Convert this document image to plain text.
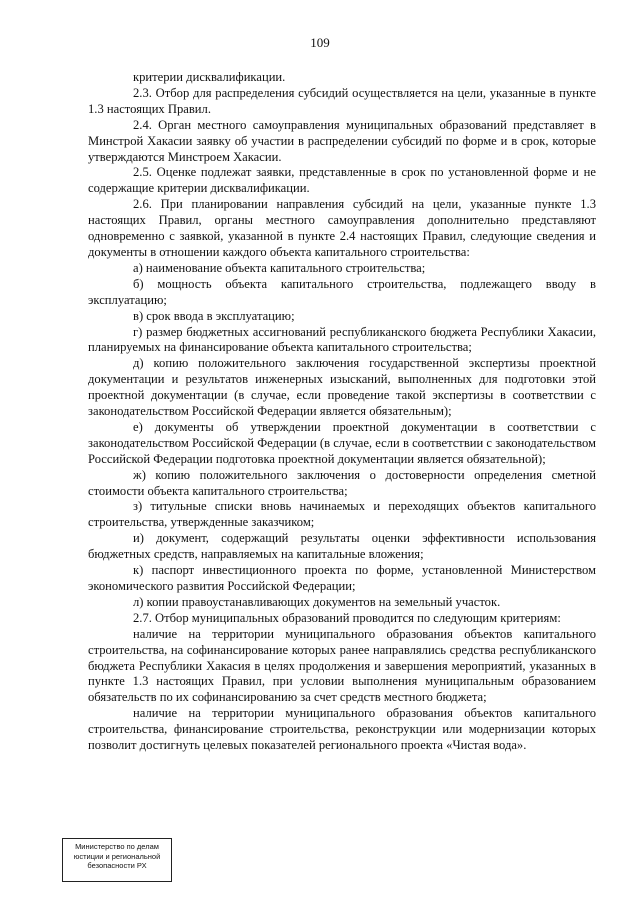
109

критерии дисквалификации.

2.3. Отбор для распределения субсидий осуществляется на цели, указанные в пункте 1.3 настоящих Правил.

2.4. Орган местного самоуправления муниципальных образований представляет в Минстрой Хакасии заявку об участии в распределении субсидий по форме и в срок, которые утверждаются Минстроем Хакасии.

2.5. Оценке подлежат заявки, представленные в срок по установленной форме и не содержащие критерии дисквалификации.

2.6. При планировании направления субсидий на цели, указанные пункте 1.3 настоящих Правил, органы местного самоуправления дополнительно представляют одновременно с заявкой, указанной в пункте 2.4 настоящих Правил, следующие сведения и документы в отношении каждого объекта капитального строительства:

а) наименование объекта капитального строительства;

б) мощность объекта капитального строительства, подлежащего вводу в эксплуатацию;

в) срок ввода в эксплуатацию;

г) размер бюджетных ассигнований республиканского бюджета Республики Хакасии, планируемых на финансирование объекта капитального строительства;

д) копию положительного заключения государственной экспертизы проектной документации и результатов инженерных изысканий, выполненных для подготовки этой проектной документации (в случае, если проведение такой экспертизы в соответствии с законодательством Российской Федерации является обязательным);

е) документы об утверждении проектной документации в соответствии с законодательством Российской Федерации (в случае, если в соответствии с законодательством Российской Федерации подготовка проектной документации является обязательной);

ж) копию положительного заключения о достоверности определения сметной стоимости объекта капитального строительства;

з) титульные списки вновь начинаемых и переходящих объектов капитального строительства, утвержденные заказчиком;

и) документ, содержащий результаты оценки эффективности использования бюджетных средств, направляемых на капитальные вложения;

к) паспорт инвестиционного проекта по форме, установленной Министерством экономического развития Российской Федерации;

л) копии правоустанавливающих документов на земельный участок.

2.7. Отбор муниципальных образований проводится по следующим критериям:

наличие на территории муниципального образования объектов капитального строительства, на софинансирование которых ранее направлялись средства республиканского бюджета Республики Хакасия в целях продолжения и завершения мероприятий, указанных в пункте 1.3 настоящих Правил, при условии выполнения муниципальным образованием обязательств по их софинансированию за счет средств местного бюджета;

наличие на территории муниципального образования объектов капитального строительства, финансирование строительства, реконструкции или модернизации которых позволит достигнуть целевых показателей регионального проекта «Чистая вода».

Министерство по делам
юстиции и региональной
безопасности РХ
